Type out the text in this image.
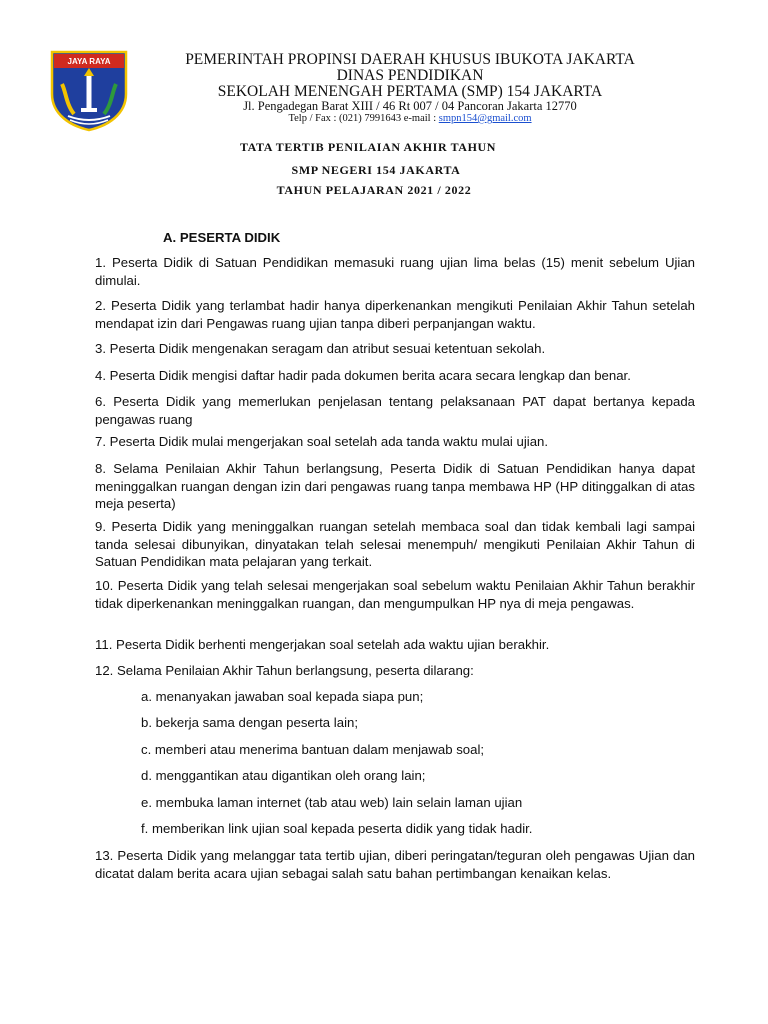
JAYA RAYA	PEMERINTAH PROPINSI DAERAH KHUSUS IBUKOTA JAKARTA
DINAS PENDIDIKAN
SEKOLAH MENENGAH PERTAMA (SMP) 154 JAKARTA
Jl. Pengadegan Barat XIII / 46 Rt 007 / 04 Pancoran Jakarta 12770
Telp / Fax : (021) 7991643 e-mail : smpn154@gmail.com
TATA TERTIB PENILAIAN AKHIR TAHUN
SMP NEGERI 154 JAKARTA
TAHUN PELAJARAN 2021 / 2022
A. PESERTA DIDIK
1. Peserta Didik di Satuan Pendidikan memasuki ruang ujian lima belas (15) menit sebelum Ujian dimulai.
2. Peserta Didik yang terlambat hadir hanya diperkenankan mengikuti Penilaian Akhir Tahun setelah mendapat izin dari Pengawas ruang ujian tanpa diberi perpanjangan waktu.
3. Peserta Didik mengenakan seragam dan atribut sesuai ketentuan sekolah.
4. Peserta Didik mengisi daftar hadir pada dokumen berita acara secara lengkap dan benar.
6. Peserta Didik yang memerlukan penjelasan tentang pelaksanaan PAT dapat bertanya kepada pengawas ruang
7. Peserta Didik mulai mengerjakan soal setelah ada tanda waktu mulai ujian.
8. Selama Penilaian Akhir Tahun berlangsung, Peserta Didik di Satuan Pendidikan hanya dapat meninggalkan ruangan dengan izin dari pengawas ruang tanpa membawa HP (HP ditinggalkan di atas meja peserta)
9. Peserta Didik yang meninggalkan ruangan setelah membaca soal dan tidak kembali lagi sampai tanda selesai dibunyikan, dinyatakan telah selesai menempuh/ mengikuti Penilaian Akhir Tahun di Satuan Pendidikan mata pelajaran yang terkait.
10. Peserta Didik yang telah selesai mengerjakan soal sebelum waktu Penilaian Akhir Tahun berakhir tidak diperkenankan meninggalkan ruangan, dan mengumpulkan HP nya di meja pengawas.
11. Peserta Didik berhenti mengerjakan soal setelah ada waktu ujian berakhir.
12. Selama Penilaian Akhir Tahun berlangsung, peserta dilarang:
a. menanyakan jawaban soal kepada siapa pun;
b. bekerja sama dengan peserta lain;
c. memberi atau menerima bantuan dalam menjawab soal;
d. menggantikan atau digantikan oleh orang lain;
e. membuka laman internet (tab atau web) lain selain laman ujian
f. memberikan link ujian soal kepada peserta didik yang tidak hadir.
13. Peserta Didik yang melanggar tata tertib ujian, diberi peringatan/teguran oleh pengawas Ujian dan dicatat dalam berita acara ujian sebagai salah satu bahan pertimbangan kenaikan kelas.
